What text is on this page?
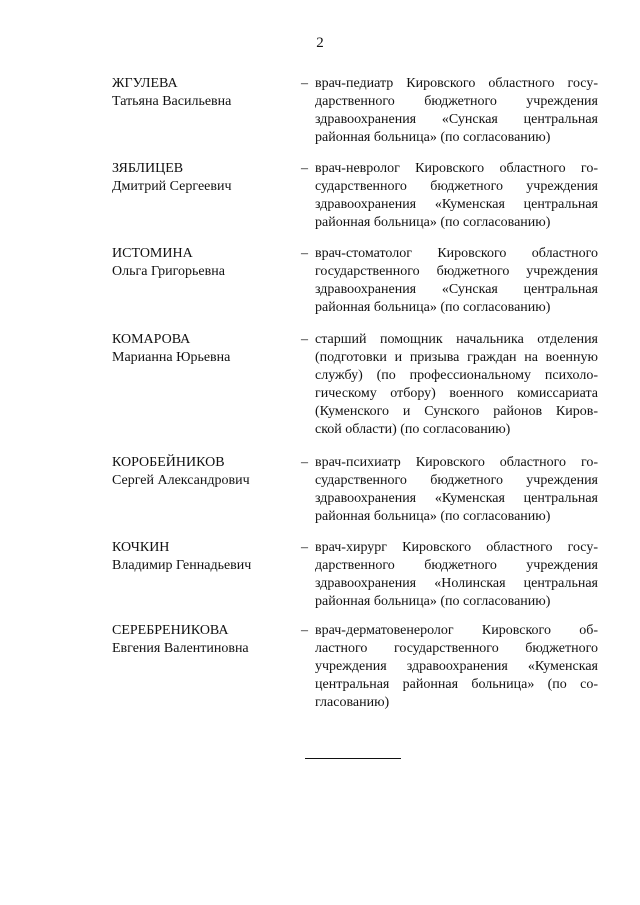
2
ЖГУЛЕВА
Татьяна Васильевна
– врач-педиатр Кировского областного госу-
дарственного бюджетного учреждения
здравоохранения «Сунская центральная
районная больница» (по согласованию)
ЗЯБЛИЦЕВ
Дмитрий Сергеевич
– врач-невролог Кировского областного го-
сударственного бюджетного учреждения
здравоохранения «Куменская центральная
районная больница» (по согласованию)
ИСТОМИНА
Ольга Григорьевна
– врач-стоматолог Кировского областного
государственного бюджетного учреждения
здравоохранения «Сунская центральная
районная больница» (по согласованию)
КОМАРОВА
Марианна Юрьевна
– старший помощник начальника отделения
(подготовки и призыва граждан на военную
службу) (по профессиональному психоло-
гическому отбору) военного комиссариата
(Куменского и Сунского районов Киров-
ской области) (по согласованию)
КОРОБЕЙНИКОВ
Сергей Александрович
– врач-психиатр Кировского областного го-
сударственного бюджетного учреждения
здравоохранения «Куменская центральная
районная больница» (по согласованию)
КОЧКИН
Владимир Геннадьевич
– врач-хирург Кировского областного госу-
дарственного бюджетного учреждения
здравоохранения «Нолинская центральная
районная больница» (по согласованию)
СЕРЕБРЕНИКОВА
Евгения Валентиновна
– врач-дерматовенеролог Кировского об-
ластного государственного бюджетного
учреждения здравоохранения «Куменская
центральная районная больница» (по со-
гласованию)
